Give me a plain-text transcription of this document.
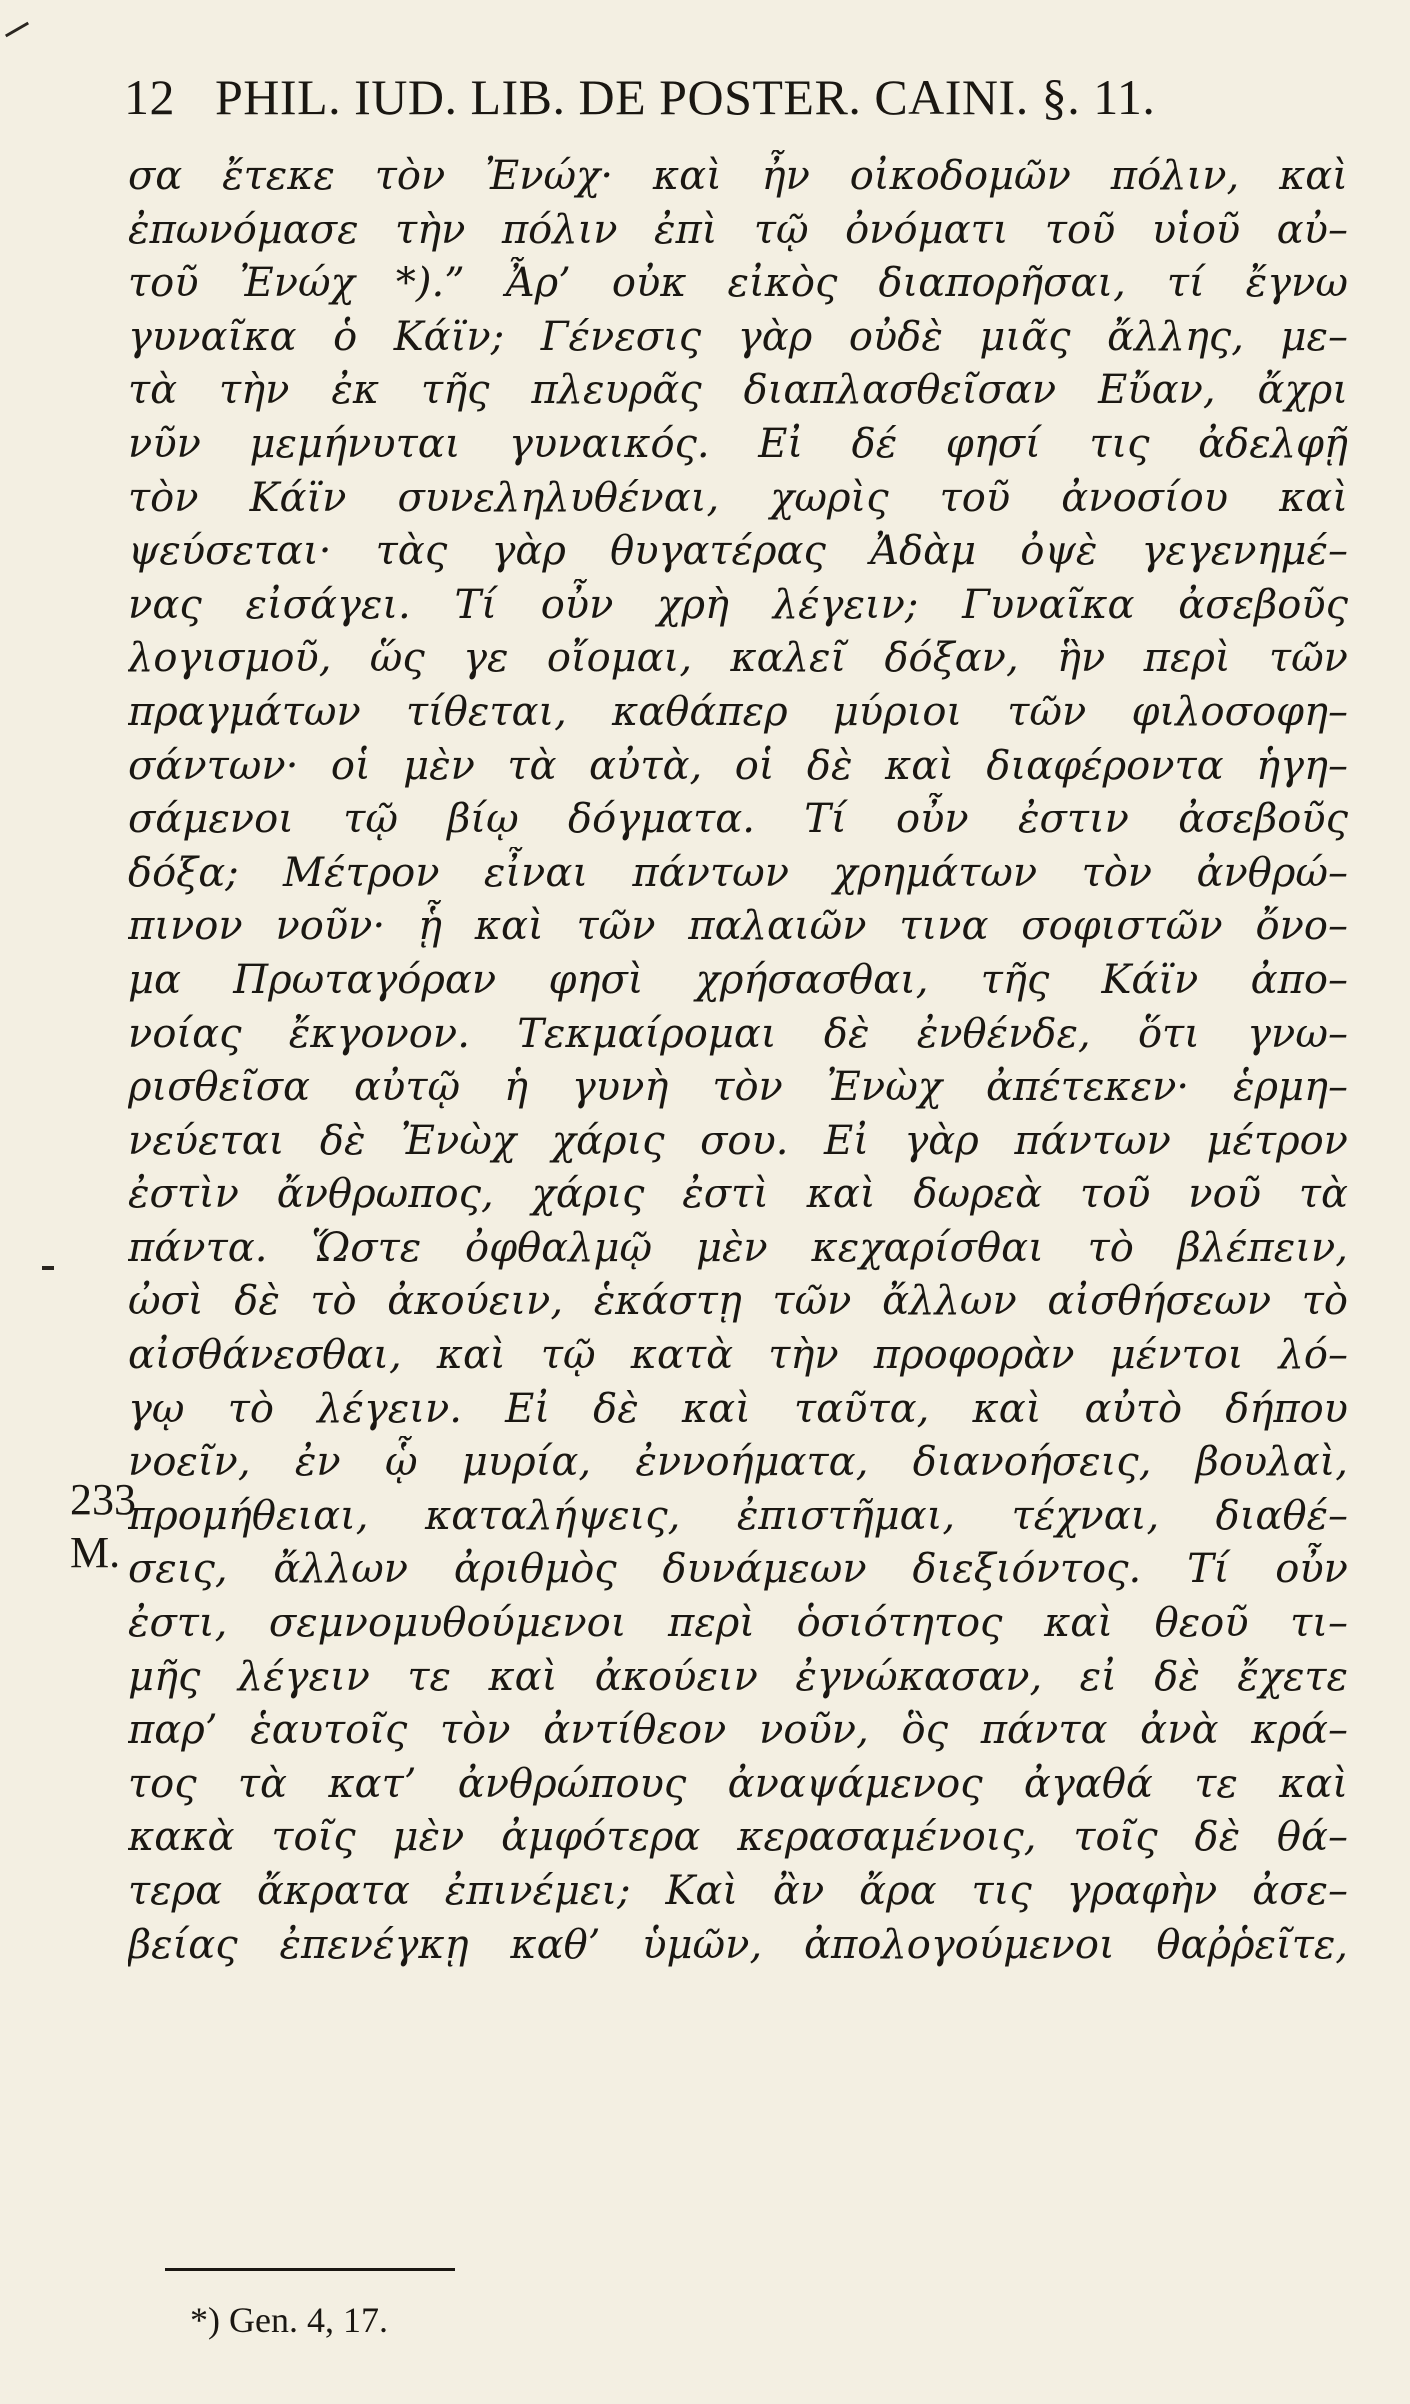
12 PHIL. IUD. LIB. DE POSTER. CAINI. §. 11.
σα ἔτεκε τὸν Ἐνώχ· καὶ ἦν οἰκοδομῶν πόλιν, καὶ
ἐπωνόμασε τὴν πόλιν ἐπὶ τῷ ὀνόματι τοῦ υἱοῦ αὐ–
τοῦ Ἐνώχ *).” Ἆρ’ οὐκ εἰκὸς διαπορῆσαι, τί ἔγνω
γυναῖκα ὁ Κάϊν; Γένεσις γὰρ οὐδὲ μιᾶς ἄλλης, με–
τὰ τὴν ἐκ τῆς πλευρᾶς διαπλασθεῖσαν Εὔαν, ἄχρι
νῦν μεμήνυται γυναικός. Εἰ δέ φησί τις ἀδελφῇ
τὸν Κάϊν συνεληλυθέναι, χωρὶς τοῦ ἀνοσίου καὶ
ψεύσεται· τὰς γὰρ θυγατέρας Ἀδὰμ ὀψὲ γεγενημέ–
νας εἰσάγει. Τί οὖν χρὴ λέγειν; Γυναῖκα ἀσεβοῦς
λογισμοῦ, ὥς γε οἴομαι, καλεῖ δόξαν, ἣν περὶ τῶν
πραγμάτων τίθεται, καθάπερ μύριοι τῶν φιλοσοφη–
σάντων· οἱ μὲν τὰ αὐτὰ, οἱ δὲ καὶ διαφέροντα ἡγη–
σάμενοι τῷ βίῳ δόγματα. Τί οὖν ἐστιν ἀσεβοῦς
δόξα; Μέτρον εἶναι πάντων χρημάτων τὸν ἀνθρώ–
πινον νοῦν· ᾗ καὶ τῶν παλαιῶν τινα σοφιστῶν ὄνο–
μα Πρωταγόραν φησὶ χρήσασθαι, τῆς Κάϊν ἀπο–
νοίας ἔκγονον. Τεκμαίρομαι δὲ ἐνθένδε, ὅτι γνω–
ρισθεῖσα αὐτῷ ἡ γυνὴ τὸν Ἐνὼχ ἀπέτεκεν· ἑρμη–
νεύεται δὲ Ἐνὼχ χάρις σου. Εἰ γὰρ πάντων μέτρον
ἐστὶν ἄνθρωπος, χάρις ἐστὶ καὶ δωρεὰ τοῦ νοῦ τὰ
πάντα. Ὥστε ὀφθαλμῷ μὲν κεχαρίσθαι τὸ βλέπειν,
ὠσὶ δὲ τὸ ἀκούειν, ἑκάστῃ τῶν ἄλλων αἰσθήσεων τὸ
αἰσθάνεσθαι, καὶ τῷ κατὰ τὴν προφορὰν μέντοι λό–
γῳ τὸ λέγειν. Εἰ δὲ καὶ ταῦτα, καὶ αὐτὸ δήπου
νοεῖν, ἐν ᾧ μυρία, ἐννοήματα, διανοήσεις, βουλαὶ,
προμήθειαι, καταλήψεις, ἐπιστῆμαι, τέχναι, διαθέ–
σεις, ἄλλων ἀριθμὸς δυνάμεων διεξιόντος. Τί οὖν
ἐστι, σεμνομυθούμενοι περὶ ὁσιότητος καὶ θεοῦ τι–
μῆς λέγειν τε καὶ ἀκούειν ἐγνώκασαν, εἰ δὲ ἔχετε
παρ’ ἑαυτοῖς τὸν ἀντίθεον νοῦν, ὃς πάντα ἀνὰ κρά–
τος τὰ κατ’ ἀνθρώπους ἀναψάμενος ἀγαθά τε καὶ
κακὰ τοῖς μὲν ἀμφότερα κερασαμένοις, τοῖς δὲ θά–
τερα ἄκρατα ἐπινέμει; Καὶ ἂν ἄρα τις γραφὴν ἀσε–
βείας ἐπενέγκῃ καθ’ ὑμῶν, ἀπολογούμενοι θαῤῥεῖτε,
233
M.
*) Gen. 4, 17.
